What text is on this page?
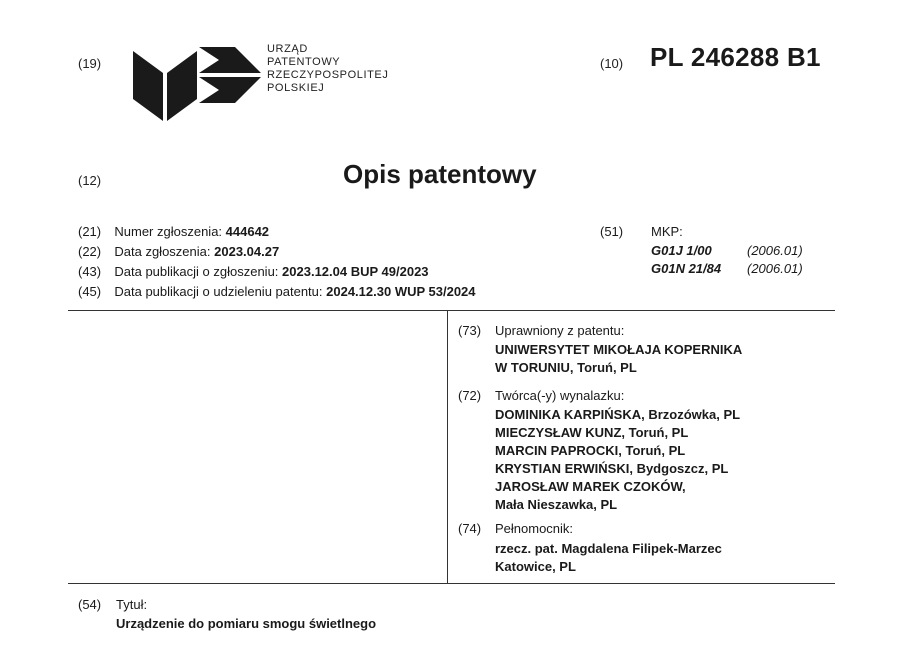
(19)
URZĄD
PATENTOWY
RZECZYPOSPOLITEJ
POLSKIEJ
(10) PL 246288 B1
(12)	Opis patentowy
(21) Numer zgłoszenia: 444642
(22) Data zgłoszenia: 2023.04.27
(43) Data publikacji o zgłoszeniu: 2023.12.04 BUP 49/2023
(45) Data publikacji o udzieleniu patentu: 2024.12.30 WUP 53/2024
(51) MKP:
G01J 1/00	(2006.01)
G01N 21/84 (2006.01)
(73) Uprawniony z patentu:
UNIWERSYTET MIKOŁAJA KOPERNIKA
W TORUNIU, Toruń, PL
(72) Twórca(-y) wynalazku:
DOMINIKA KARPIŃSKA, Brzozówka, PL
MIECZYSŁAW KUNZ, Toruń, PL
MARCIN PAPROCKI, Toruń, PL
KRYSTIAN ERWIŃSKI, Bydgoszcz, PL
JAROSŁAW MAREK CZOKÓW,
Mała Nieszawka, PL
(74) Pełnomocnik:
rzecz. pat. Magdalena Filipek-Marzec
Katowice, PL
(54) Tytuł:
Urządzenie do pomiaru smogu świetlnego
